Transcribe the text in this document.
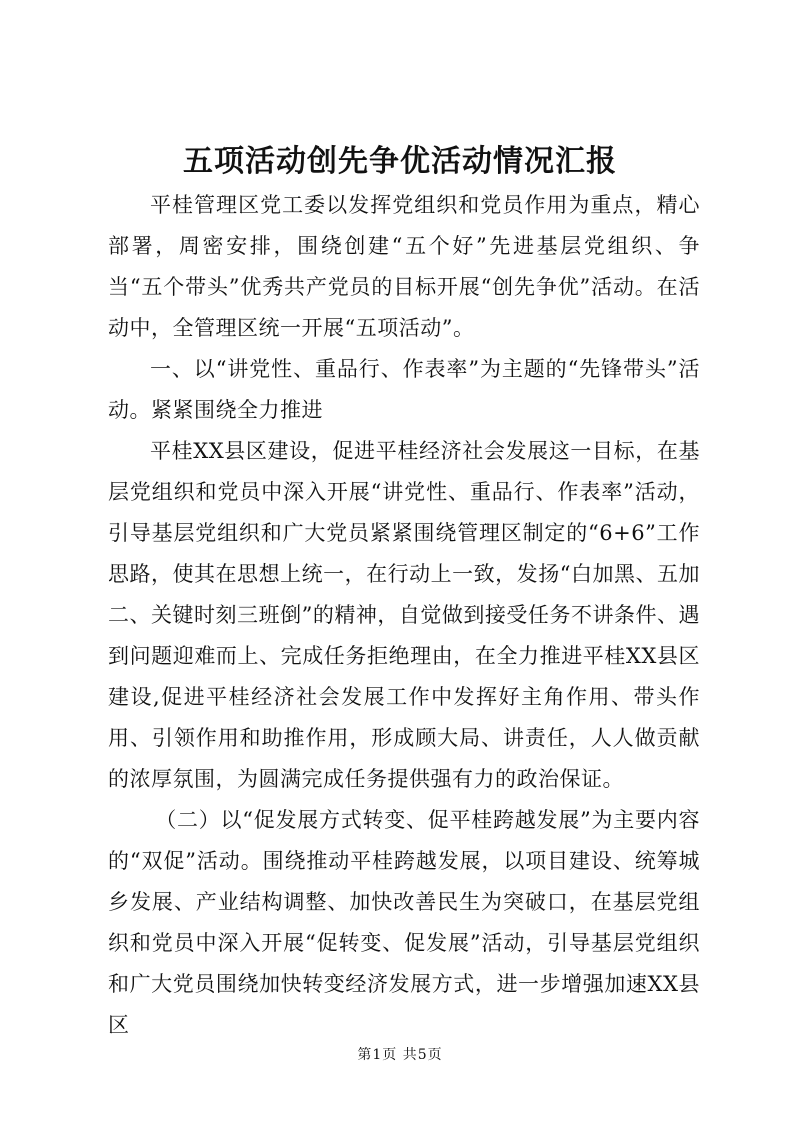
五项活动创先争优活动情况汇报

平桂管理区党工委以发挥党组织和党员作用为重点，精心部署，周密安排，围绕创建“五个好”先进基层党组织、争当“五个带头”优秀共产党员的目标开展“创先争优”活动。在活动中，全管理区统一开展“五项活动”。

一、以“讲党性、重品行、作表率”为主题的“先锋带头”活动。紧紧围绕全力推进

平桂XX县区建设，促进平桂经济社会发展这一目标，在基层党组织和党员中深入开展“讲党性、重品行、作表率”活动，引导基层党组织和广大党员紧紧围绕管理区制定的“6+6”工作思路，使其在思想上统一，在行动上一致，发扬“白加黑、五加二、关键时刻三班倒”的精神，自觉做到接受任务不讲条件、遇到问题迎难而上、完成任务拒绝理由，在全力推进平桂XX县区建设,促进平桂经济社会发展工作中发挥好主角作用、带头作用、引领作用和助推作用，形成顾大局、讲责任，人人做贡献的浓厚氛围，为圆满完成任务提供强有力的政治保证。

（二）以“促发展方式转变、促平桂跨越发展”为主要内容的“双促”活动。围绕推动平桂跨越发展，以项目建设、统筹城乡发展、产业结构调整、加快改善民生为突破口，在基层党组织和党员中深入开展“促转变、促发展”活动，引导基层党组织和广大党员围绕加快转变经济发展方式，进一步增强加速XX县区

第1页 共5页
